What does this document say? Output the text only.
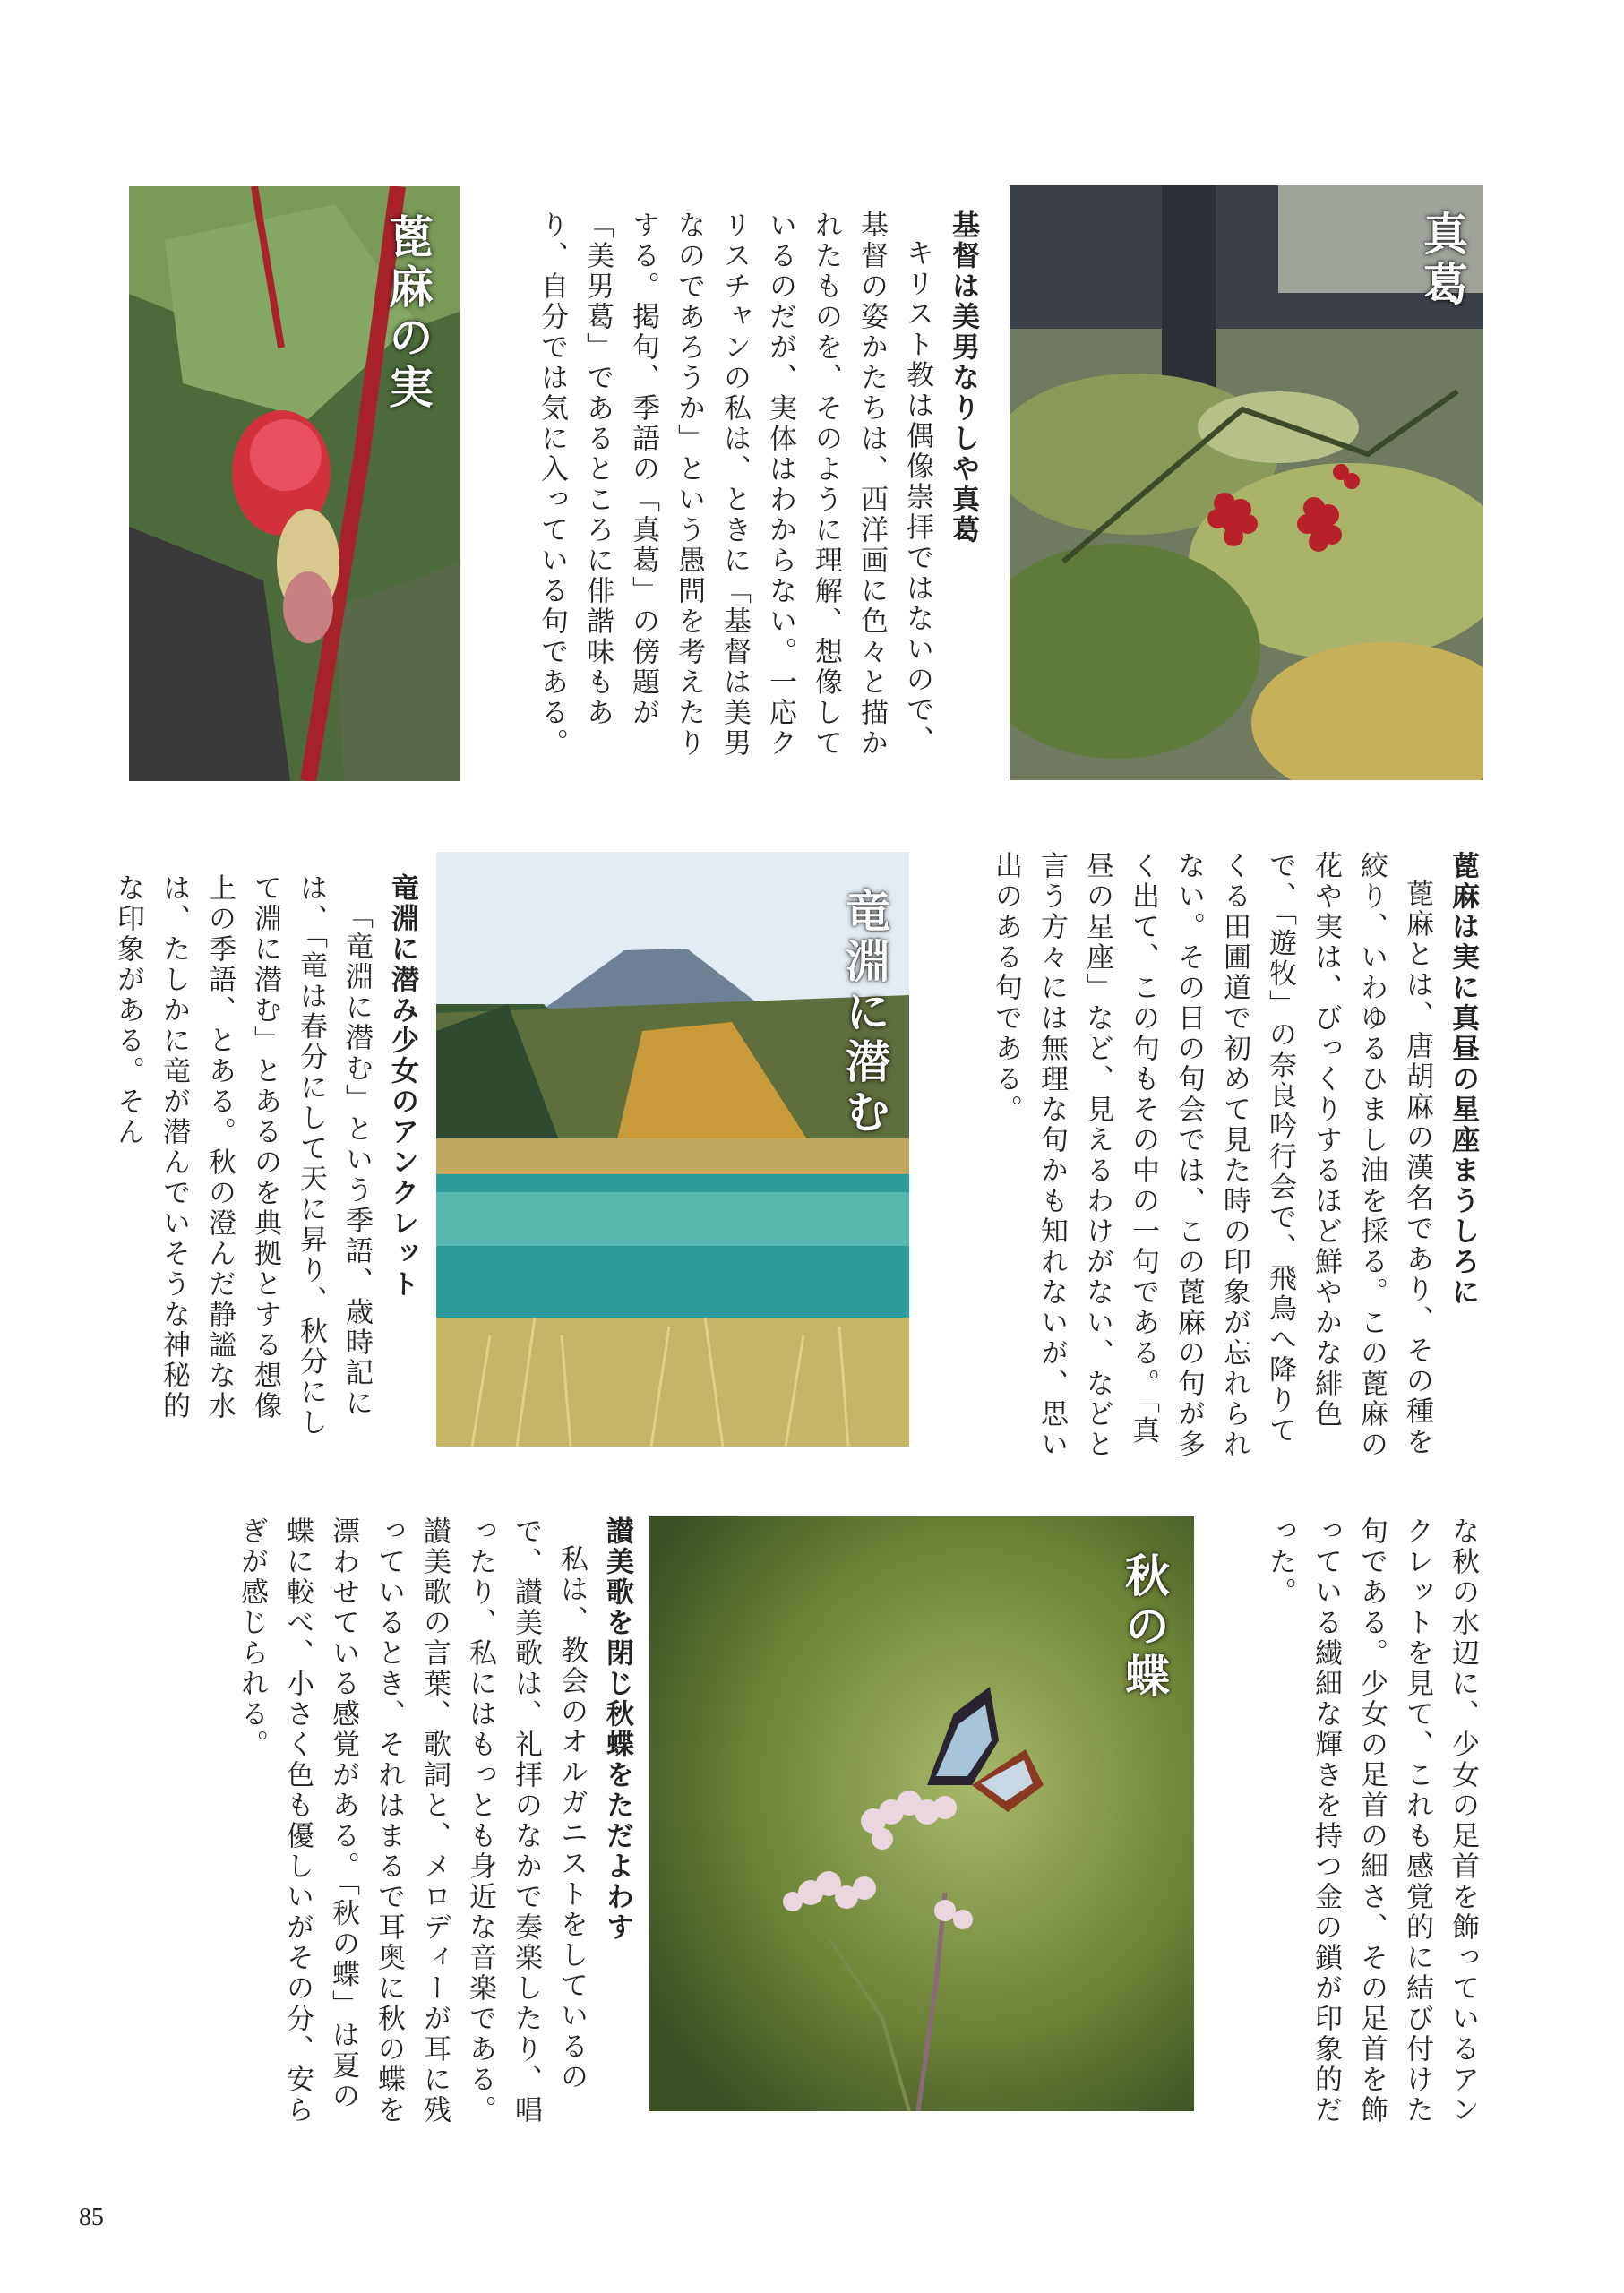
真葛
蓖麻の実
竜淵に潜む
秋の蝶

基督は美男なりしや真葛

キリスト教は偶像崇拝ではないので、基督の姿かたちは、西洋画に色々と描かれたものを、そのように理解、想像しているのだが、実体はわからない。一応クリスチャンの私は、ときに「基督は美男なのであろうか」という愚問を考えたりする。掲句、季語の「真葛」の傍題が「美男葛」であるところに俳諧味もあり、自分では気に入っている句である。

蓖麻は実に真昼の星座まうしろに

蓖麻とは、唐胡麻の漢名であり、その種を絞り、いわゆるひまし油を採る。この蓖麻の花や実は、びっくりするほど鮮やかな緋色で、「遊牧」の奈良吟行会で、飛鳥へ降りてくる田圃道で初めて見た時の印象が忘れられない。その日の句会では、この蓖麻の句が多く出て、この句もその中の一句である。「真昼の星座」など、見えるわけがない、などと言う方々には無理な句かも知れないが、思い出のある句である。

竜淵に潜み少女のアンクレット

「竜淵に潜む」という季語、歳時記には、「竜は春分にして天に昇り、秋分にして淵に潜む」とあるのを典拠とする想像上の季語、とある。秋の澄んだ静謐な水は、たしかに竜が潜んでいそうな神秘的な印象がある。そん

な秋の水辺に、少女の足首を飾っているアンクレットを見て、これも感覚的に結び付けた句である。少女の足首の細さ、その足首を飾っている繊細な輝きを持つ金の鎖が印象的だった。

讃美歌を閉じ秋蝶をただよわす

私は、教会のオルガニストをしているので、讃美歌は、礼拝のなかで奏楽したり、唱ったり、私にはもっとも身近な音楽である。讃美歌の言葉、歌詞と、メロディーが耳に残っているとき、それはまるで耳奥に秋の蝶を漂わせている感覚がある。「秋の蝶」は夏の蝶に較べ、小さく色も優しいがその分、安らぎが感じられる。

85
